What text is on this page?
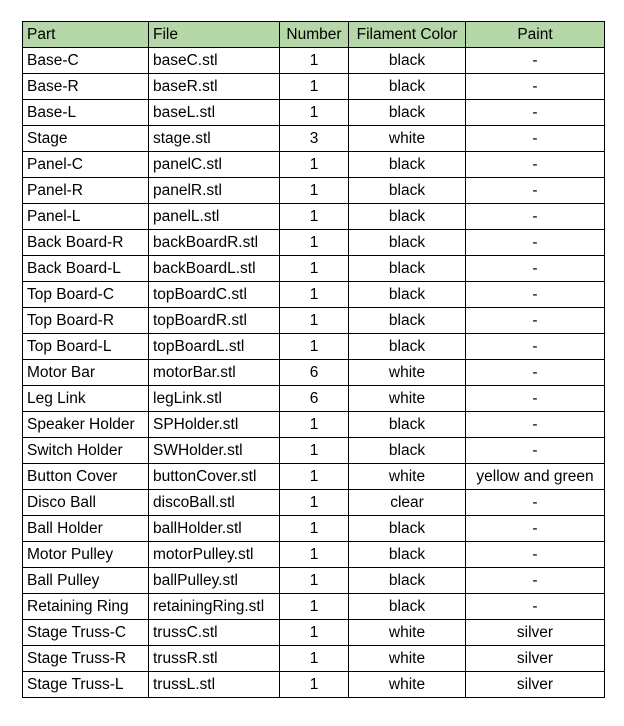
Part	File	Number	Filament Color	Paint
Base-C	baseC.stl	1	black	-
Base-R	baseR.stl	1	black	-
Base-L	baseL.stl	1	black	-
Stage	stage.stl	3	white	-
Panel-C	panelC.stl	1	black	-
Panel-R	panelR.stl	1	black	-
Panel-L	panelL.stl	1	black	-
Back Board-R	backBoardR.stl	1	black	-
Back Board-L	backBoardL.stl	1	black	-
Top Board-C	topBoardC.stl	1	black	-
Top Board-R	topBoardR.stl	1	black	-
Top Board-L	topBoardL.stl	1	black	-
Motor Bar	motorBar.stl	6	white	-
Leg Link	legLink.stl	6	white	-
Speaker Holder	SPHolder.stl	1	black	-
Switch Holder	SWHolder.stl	1	black	-
Button Cover	buttonCover.stl	1	white	yellow and green
Disco Ball	discoBall.stl	1	clear	-
Ball Holder	ballHolder.stl	1	black	-
Motor Pulley	motorPulley.stl	1	black	-
Ball Pulley	ballPulley.stl	1	black	-
Retaining Ring	retainingRing.stl	1	black	-
Stage Truss-C	trussC.stl	1	white	silver
Stage Truss-R	trussR.stl	1	white	silver
Stage Truss-L	trussL.stl	1	white	silver
